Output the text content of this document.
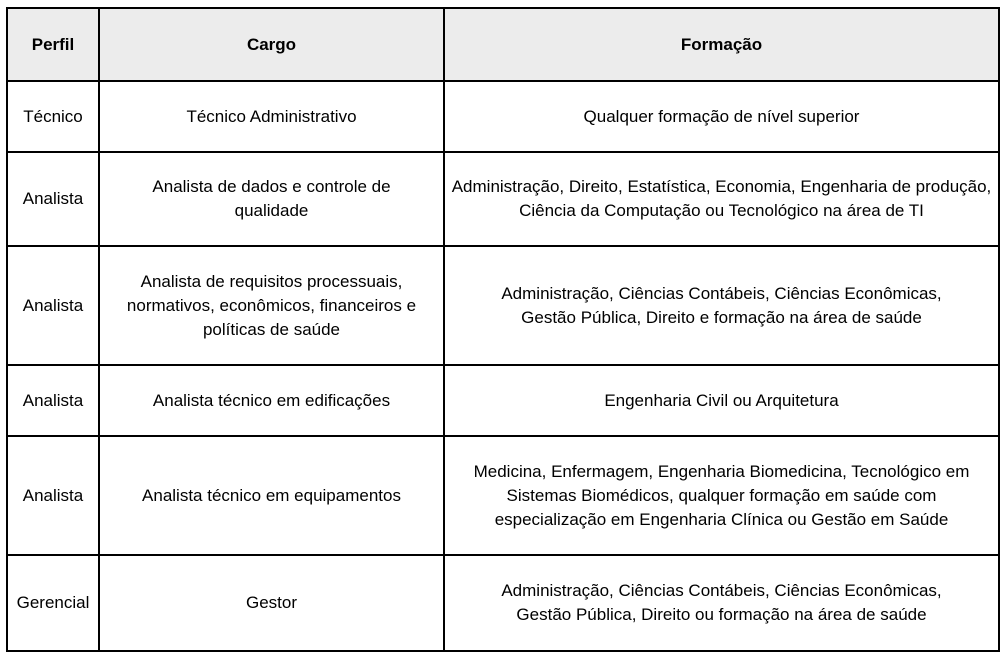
Perfil	Cargo	Formação
Técnico	Técnico Administrativo	Qualquer formação de nível superior
Analista	Analista de dados e controle de qualidade	Administração, Direito, Estatística, Economia, Engenharia de produção, Ciência da Computação ou Tecnológico na área de TI
Analista	Analista de requisitos processuais, normativos, econômicos, financeiros e políticas de saúde	Administração, Ciências Contábeis, Ciências Econômicas, Gestão Pública, Direito e formação na área de saúde
Analista	Analista técnico em edificações	Engenharia Civil ou Arquitetura
Analista	Analista técnico em equipamentos	Medicina, Enfermagem, Engenharia Biomedicina, Tecnológico em Sistemas Biomédicos, qualquer formação em saúde com especialização em Engenharia Clínica ou Gestão em Saúde
Gerencial	Gestor	Administração, Ciências Contábeis, Ciências Econômicas, Gestão Pública, Direito ou formação na área de saúde
